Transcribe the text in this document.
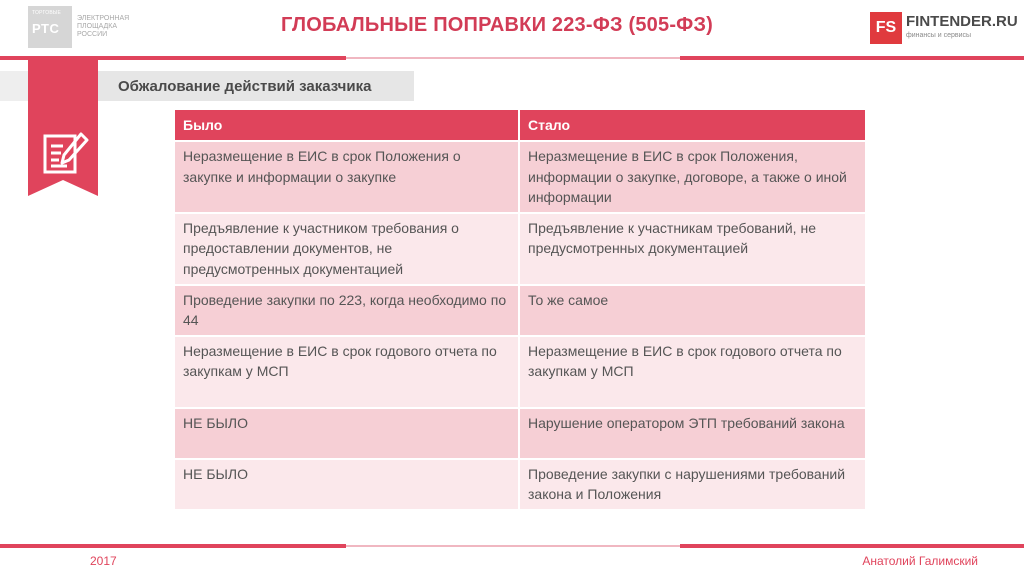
ТОРГОВЫЕ
РТС
ЭЛЕКТРОННАЯ
ПЛОЩАДКА
РОССИИ	ГЛОБАЛЬНЫЕ ПОПРАВКИ 223-ФЗ (505-ФЗ)	FS FINTENDER.RU
финансы и сервисы
Обжалование действий заказчика
Было	Стало
Неразмещение в ЕИС в срок Положения о закупке и информации о закупке	Неразмещение в ЕИС в срок Положения, информации о закупке, договоре, а также о иной информации
Предъявление к участником требования о предоставлении документов, не предусмотренных документацией	Предъявление к участникам требований, не предусмотренных документацией
Проведение закупки по 223, когда необходимо по 44	То же самое
Неразмещение в ЕИС в срок годового отчета по закупкам у МСП	Неразмещение в ЕИС в срок годового отчета по закупкам у МСП
НЕ БЫЛО	Нарушение оператором ЭТП требований закона
НЕ БЫЛО	Проведение закупки с нарушениями требований закона и Положения
2017	Анатолий Галимский
